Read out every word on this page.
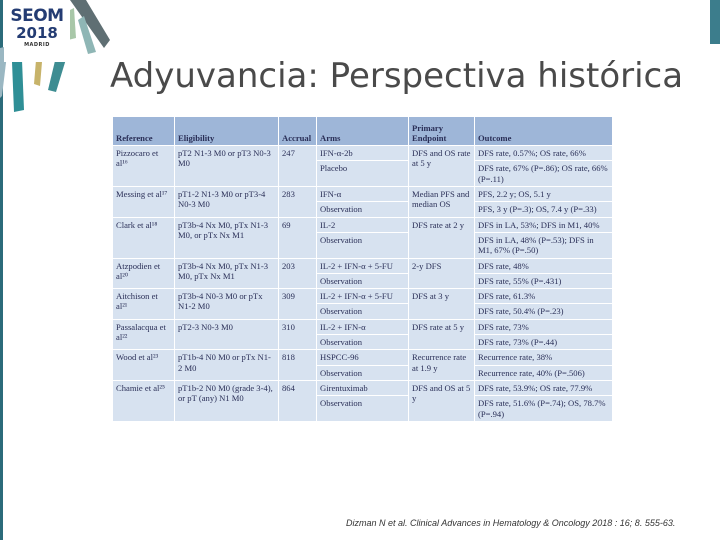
SEOM
2018
MADRID
Adyuvancia: Perspectiva histórica
Reference	Eligibility	Accrual	Arms	Primary Endpoint	Outcome
Pizzocaro et al¹⁶	pT2 N1-3 M0 or pT3 N0-3 M0	247	IFN-α-2b	DFS and OS rate at 5 y	DFS rate, 0.57%; OS rate, 66%
			Placebo		DFS rate, 67% (P=.86); OS rate, 66% (P=.11)
Messing et al¹⁷	pT1-2 N1-3 M0 or pT3-4 N0-3 M0	283	IFN-α	Median PFS and median OS	PFS, 2.2 y; OS, 5.1 y
			Observation		PFS, 3 y (P=.3); OS, 7.4 y (P=.33)
Clark et al¹⁸	pT3b-4 Nx M0, pTx N1-3 M0, or pTx Nx M1	69	IL-2	DFS rate at 2 y	DFS in LA, 53%; DFS in M1, 40%
			Observation		DFS in LA, 48% (P=.53); DFS in M1, 67% (P=.50)
Atzpodien et al²⁰	pT3b-4 Nx M0, pTx N1-3 M0, pTx Nx M1	203	IL-2 + IFN-α + 5-FU	2-y DFS	DFS rate, 48%
			Observation		DFS rate, 55% (P=.431)
Aitchison et al²¹	pT3b-4 N0-3 M0 or pTx N1-2 M0	309	IL-2 + IFN-α + 5-FU	DFS at 3 y	DFS rate, 61.3%
			Observation		DFS rate, 50.4% (P=.23)
Passalacqua et al²²	pT2-3 N0-3 M0	310	IL-2 + IFN-α	DFS rate at 5 y	DFS rate, 73%
			Observation		DFS rate, 73% (P=.44)
Wood et al²³	pT1b-4 N0 M0 or pTx N1-2 M0	818	HSPCC-96	Recurrence rate at 1.9 y	Recurrence rate, 38%
			Observation		Recurrence rate, 40% (P=.506)
Chamie et al²⁵	pT1b-2 N0 M0 (grade 3-4), or pT (any) N1 M0	864	Girentuximab	DFS and OS at 5 y	DFS rate, 53.9%; OS rate, 77.9%
			Observation		DFS rate, 51.6% (P=.74); OS, 78.7% (P=.94)
Dizman N et al. Clinical Advances in Hematology & Oncology 2018 : 16; 8. 555-63.
